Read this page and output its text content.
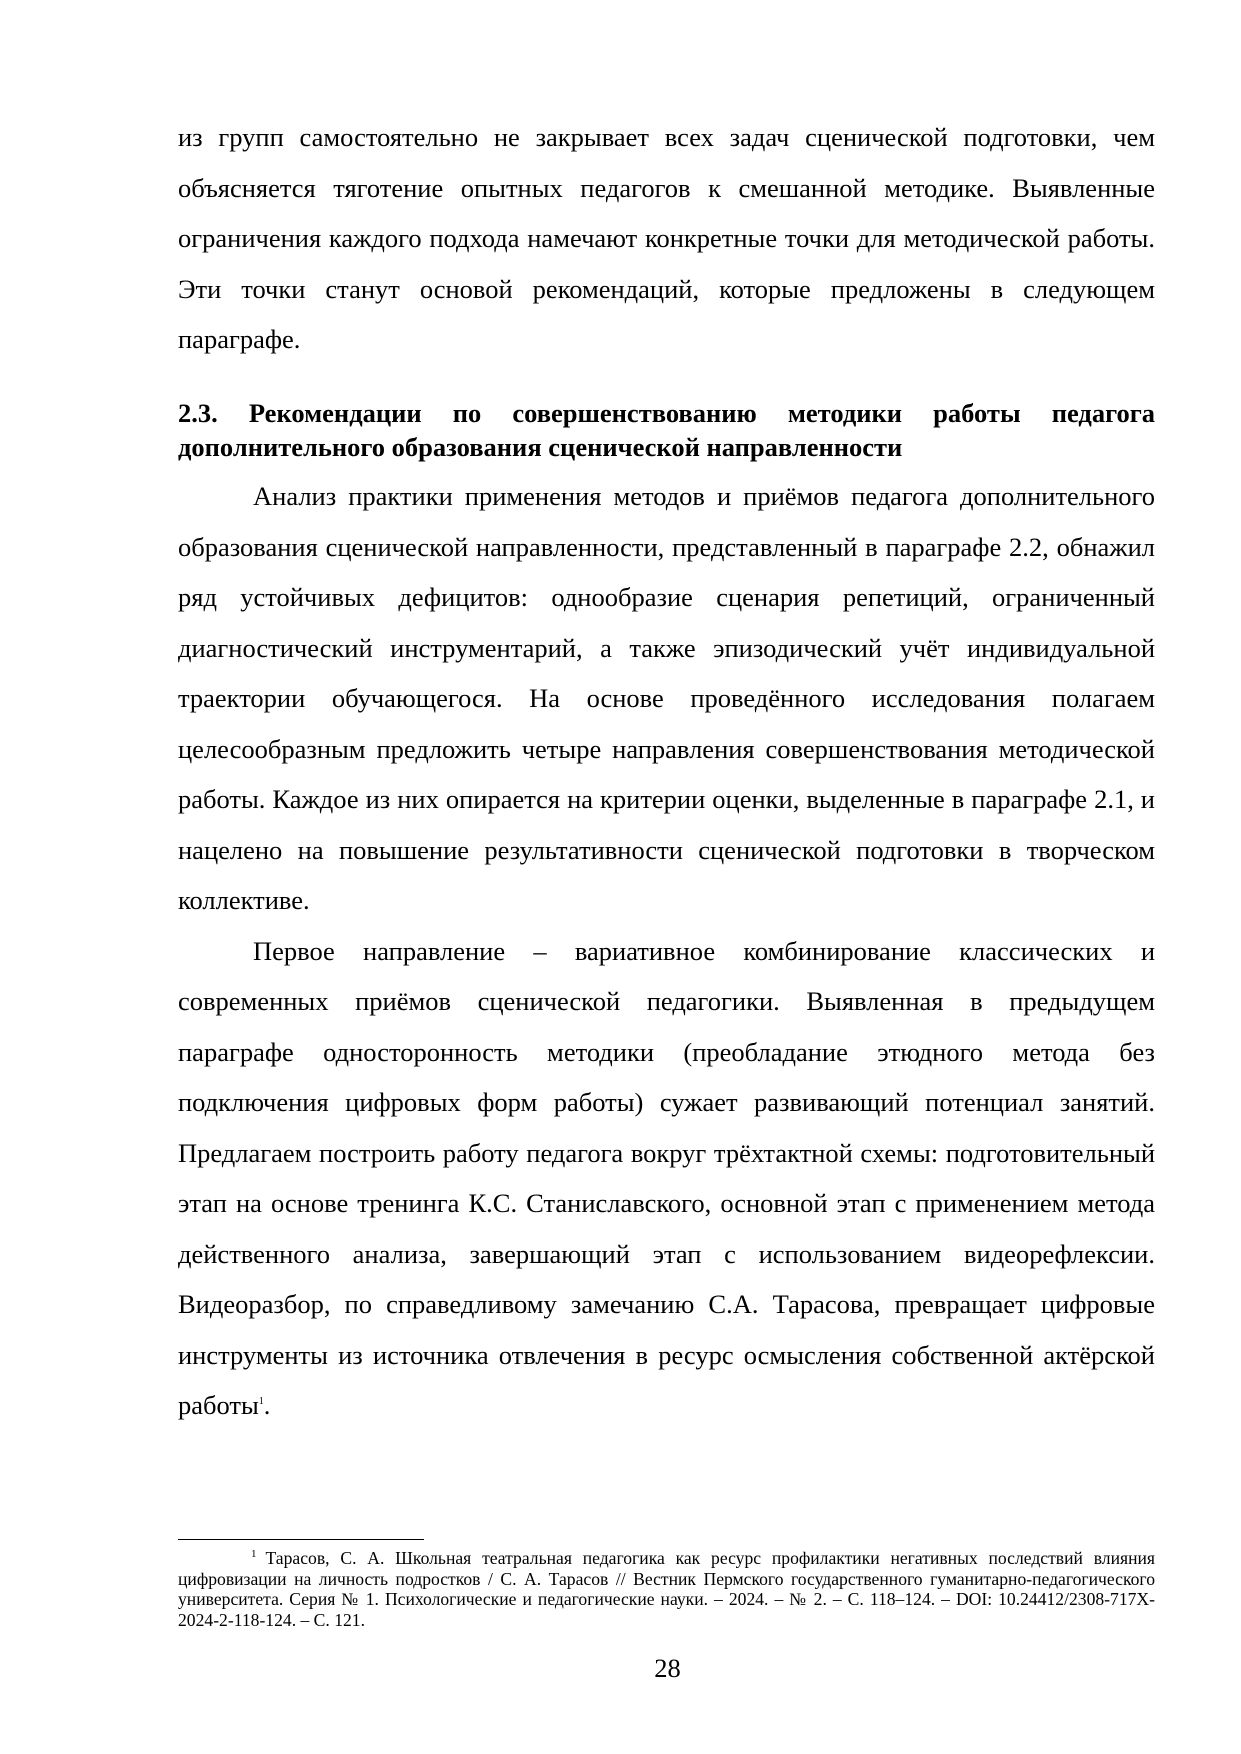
из групп самостоятельно не закрывает всех задач сценической подготовки, чем объясняется тяготение опытных педагогов к смешанной методике. Выявленные ограничения каждого подхода намечают конкретные точки для методической работы. Эти точки станут основой рекомендаций, которые предложены в следующем параграфе.

2.3. Рекомендации по совершенствованию методики работы педагога дополнительного образования сценической направленности

Анализ практики применения методов и приёмов педагога дополнительного образования сценической направленности, представленный в параграфе 2.2, обнажил ряд устойчивых дефицитов: однообразие сценария репетиций, ограниченный диагностический инструментарий, а также эпизодический учёт индивидуальной траектории обучающегося. На основе проведённого исследования полагаем целесообразным предложить четыре направления совершенствования методической работы. Каждое из них опирается на критерии оценки, выделенные в параграфе 2.1, и нацелено на повышение результативности сценической подготовки в творческом коллективе.

Первое направление – вариативное комбинирование классических и современных приёмов сценической педагогики. Выявленная в предыдущем параграфе односторонность методики (преобладание этюдного метода без подключения цифровых форм работы) сужает развивающий потенциал занятий. Предлагаем построить работу педагога вокруг трёхтактной схемы: подготовительный этап на основе тренинга К.С. Станиславского, основной этап с применением метода действенного анализа, завершающий этап с использованием видеорефлексии. Видеоразбор, по справедливому замечанию С.А. Тарасова, превращает цифровые инструменты из источника отвлечения в ресурс осмысления собственной актёрской работы$^1$.

$^1$ Тарасов, С. А. Школьная театральная педагогика как ресурс профилактики негативных последствий влияния цифровизации на личность подростков / С. А. Тарасов // Вестник Пермского государственного гуманитарно-педагогического университета. Серия № 1. Психологические и педагогические науки. – 2024. – № 2. – С. 118–124. – DOI: 10.24412/2308-717X-2024-2-118-124. – С. 121.

28
